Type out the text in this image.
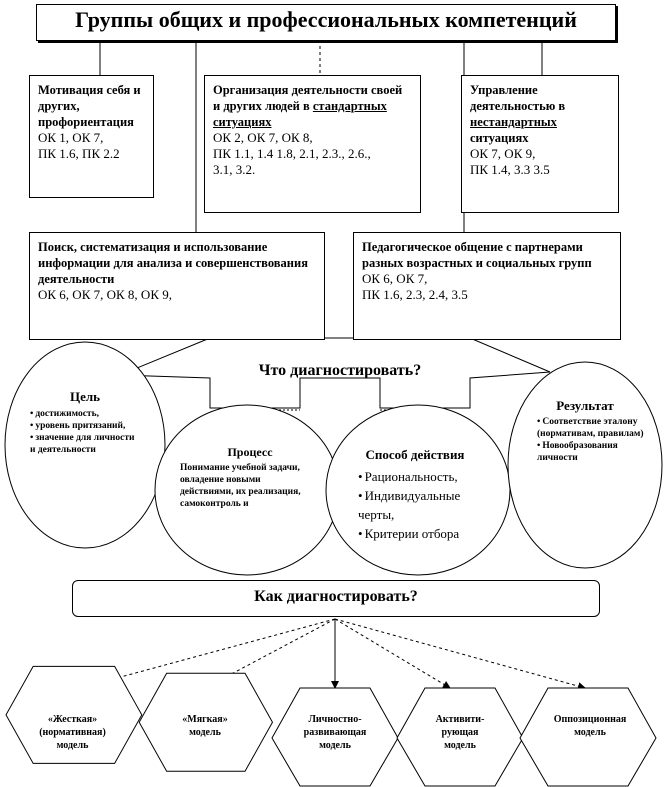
Группы общих и профессиональных компетенций
Мотивация себя и других, профориентация
ОК 1, ОК 7,
ПК 1.6, ПК 2.2
Организация деятельности своей и других людей в стандартных ситуациях
ОК 2, ОК 7, ОК 8,
ПК 1.1, 1.4 1.8, 2.1, 2.3., 2.6.,
3.1, 3.2.
Управление деятельностью в нестандартных ситуациях
ОК 7, ОК 9,
ПК 1.4, 3.3 3.5
Поиск, систематизация и использование информации для анализа и совершенствования деятельности
ОК 6, ОК 7, ОК 8, ОК 9,
Педагогическое общение с партнерами разных возрастных и социальных групп
ОК 6, ОК 7,
ПК 1.6, 2.3, 2.4, 3.5
Что диагностировать?
Цель
• достижимость,
• уровень притязаний,
• значение для личности и деятельности	Процесс
Понимание учебной задачи, овладение новыми действиями, их реализация, самоконтроль и
Способ действия
• Рациональность,
• Индивидуальные черты,
• Критерии отбора
Результат
• Соответствие эталону (нормативам, правилам)
• Новообразования личности
Как диагностировать?
«Жесткая»
(нормативная)
модель
«Мягкая»
модель
Личностно-
развивающая
модель
Активити-
рующая
модель
Оппозиционная
модель
